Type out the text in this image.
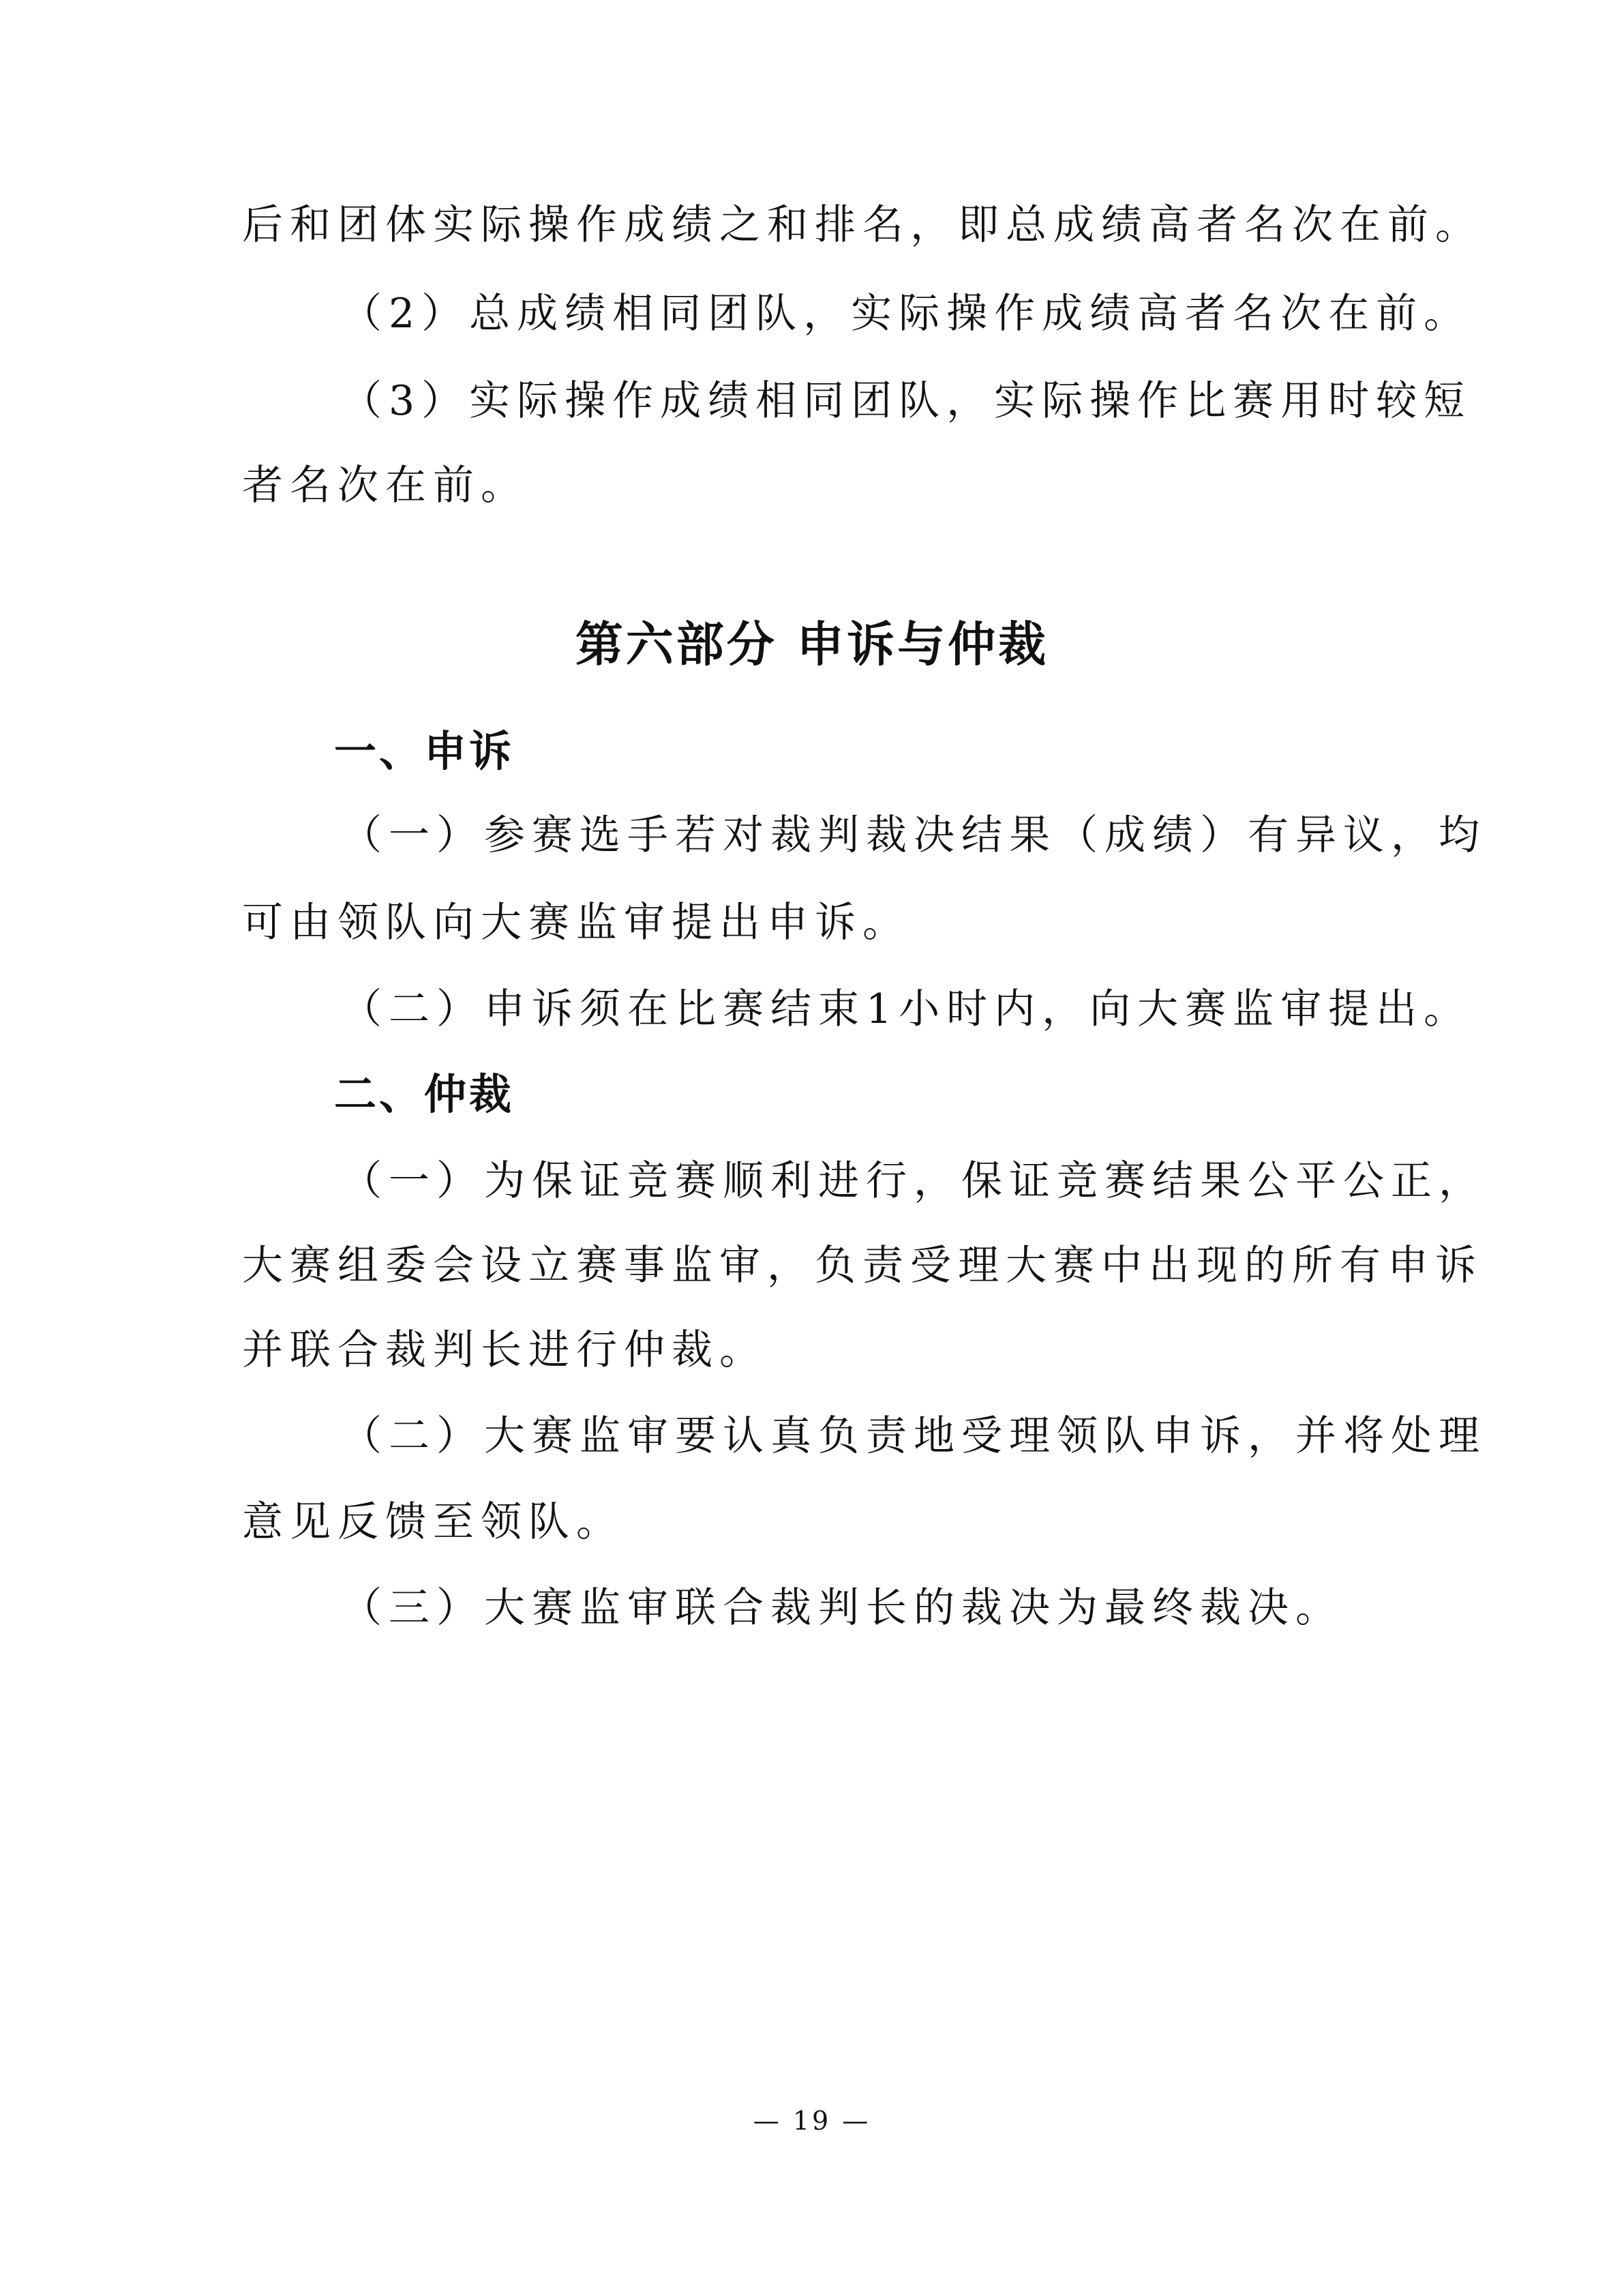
后和团体实际操作成绩之和排名，即总成绩高者名次在前。
（2）总成绩相同团队，实际操作成绩高者名次在前。
（3）实际操作成绩相同团队，实际操作比赛用时较短
者名次在前。
第六部分 申诉与仲裁
一、申诉
（一）参赛选手若对裁判裁决结果（成绩）有异议，均
可由领队向大赛监审提出申诉。
（二）申诉须在比赛结束1小时内，向大赛监审提出。
二、仲裁
（一）为保证竞赛顺利进行，保证竞赛结果公平公正，
大赛组委会设立赛事监审，负责受理大赛中出现的所有申诉
并联合裁判长进行仲裁。
（二）大赛监审要认真负责地受理领队申诉，并将处理
意见反馈至领队。
（三）大赛监审联合裁判长的裁决为最终裁决。
— 19 —
